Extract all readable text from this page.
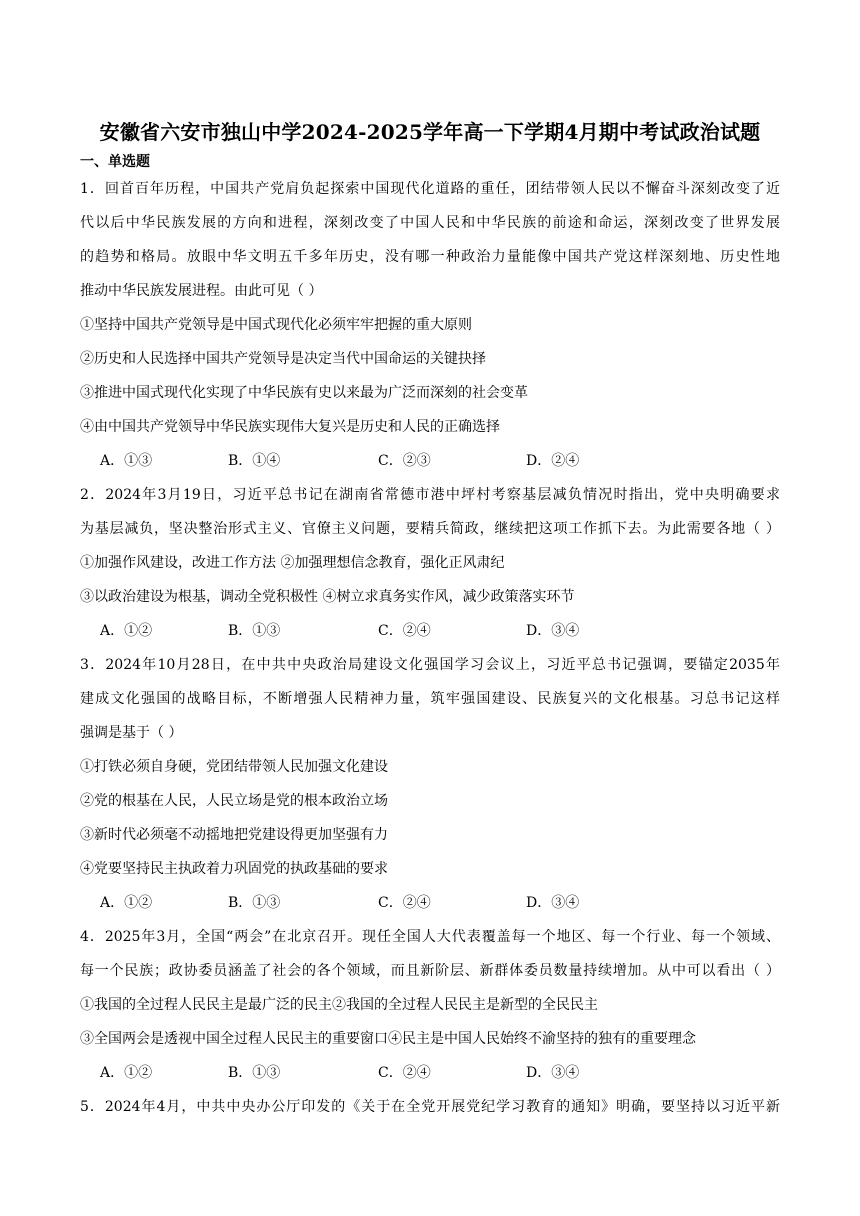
安徽省六安市独山中学2024-2025学年高一下学期4月期中考试政治试题
一、单选题
1．回首百年历程，中国共产党肩负起探索中国现代化道路的重任，团结带领人民以不懈奋斗深刻改变了近
代以后中华民族发展的方向和进程，深刻改变了中国人民和中华民族的前途和命运，深刻改变了世界发展
的趋势和格局。放眼中华文明五千多年历史，没有哪一种政治力量能像中国共产党这样深刻地、历史性地
推动中华民族发展进程。由此可见（ ）
①坚持中国共产党领导是中国式现代化必须牢牢把握的重大原则
②历史和人民选择中国共产党领导是决定当代中国命运的关键抉择
③推进中国式现代化实现了中华民族有史以来最为广泛而深刻的社会变革
④由中国共产党领导中华民族实现伟大复兴是历史和人民的正确选择
A．①③	B．①④	C．②③	D．②④
2．2024年3月19日，习近平总书记在湖南省常德市港中坪村考察基层减负情况时指出，党中央明确要求
为基层减负，坚决整治形式主义、官僚主义问题，要精兵简政，继续把这项工作抓下去。为此需要各地（ ）
①加强作风建设，改进工作方法 ②加强理想信念教育，强化正风肃纪
③以政治建设为根基，调动全党积极性 ④树立求真务实作风，减少政策落实环节
A．①②	B．①③	C．②④	D．③④
3．2024年10月28日，在中共中央政治局建设文化强国学习会议上，习近平总书记强调，要锚定2035年
建成文化强国的战略目标，不断增强人民精神力量，筑牢强国建设、民族复兴的文化根基。习总书记这样
强调是基于（ ）
①打铁必须自身硬，党团结带领人民加强文化建设
②党的根基在人民，人民立场是党的根本政治立场
③新时代必须毫不动摇地把党建设得更加坚强有力
④党要坚持民主执政着力巩固党的执政基础的要求
A．①②	B．①③	C．②④	D．③④
4．2025年3月，全国“两会”在北京召开。现任全国人大代表覆盖每一个地区、每一个行业、每一个领域、
每一个民族；政协委员涵盖了社会的各个领域，而且新阶层、新群体委员数量持续增加。从中可以看出（ ）
①我国的全过程人民民主是最广泛的民主②我国的全过程人民民主是新型的全民民主
③全国两会是透视中国全过程人民民主的重要窗口④民主是中国人民始终不渝坚持的独有的重要理念
A．①②	B．①③	C．②④	D．③④
5．2024年4月，中共中央办公厅印发的《关于在全党开展党纪学习教育的通知》明确，要坚持以习近平新
